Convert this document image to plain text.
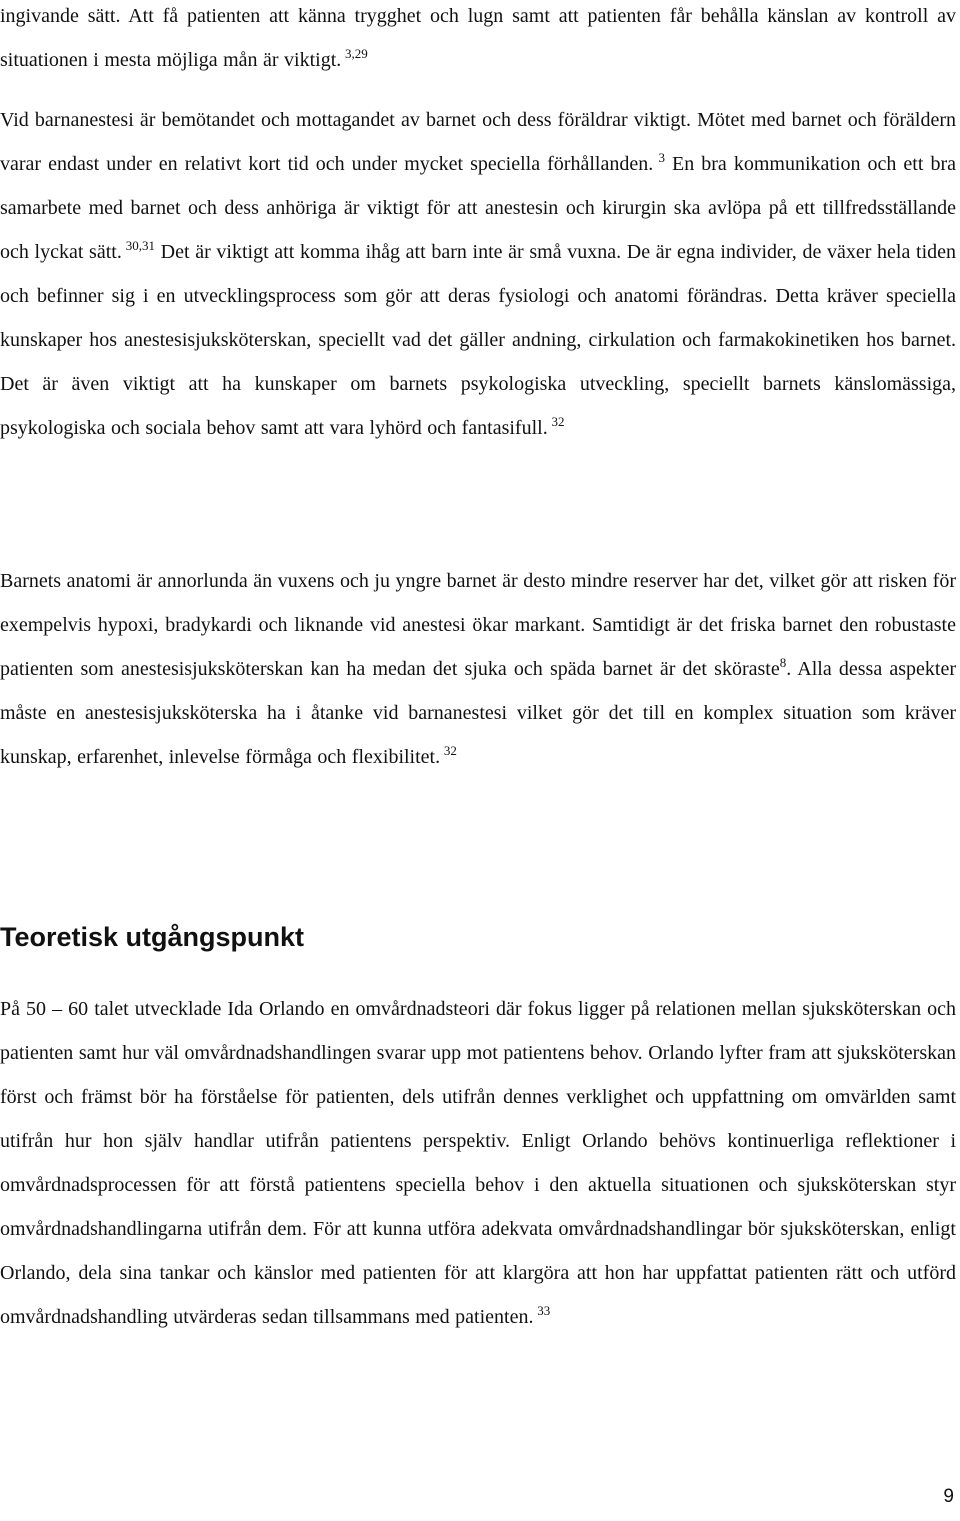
ingivande sätt. Att få patienten att känna trygghet och lugn samt att patienten får behålla känslan av kontroll av situationen i mesta möjliga mån är viktigt. $^{3,29}$

Vid barnanestesi är bemötandet och mottagandet av barnet och dess föräldrar viktigt. Mötet med barnet och föräldern varar endast under en relativt kort tid och under mycket speciella förhållanden. $^3$ En bra kommunikation och ett bra samarbete med barnet och dess anhöriga är viktigt för att anestesin och kirurgin ska avlöpa på ett tillfredsställande och lyckat sätt. $^{30,31}$ Det är viktigt att komma ihåg att barn inte är små vuxna. De är egna individer, de växer hela tiden och befinner sig i en utvecklingsprocess som gör att deras fysiologi och anatomi förändras. Detta kräver speciella kunskaper hos anestesisjuksköterskan, speciellt vad det gäller andning, cirkulation och farmakokinetiken hos barnet. Det är även viktigt att ha kunskaper om barnets psykologiska utveckling, speciellt barnets känslomässiga, psykologiska och sociala behov samt att vara lyhörd och fantasifull. $^{32}$

Barnets anatomi är annorlunda än vuxens och ju yngre barnet är desto mindre reserver har det, vilket gör att risken för exempelvis hypoxi, bradykardi och liknande vid anestesi ökar markant. Samtidigt är det friska barnet den robustaste patienten som anestesisjuksköterskan kan ha medan det sjuka och späda barnet är det sköraste$^8$. Alla dessa aspekter måste en anestesisjuksköterska ha i åtanke vid barnanestesi vilket gör det till en komplex situation som kräver kunskap, erfarenhet, inlevelse förmåga och flexibilitet. $^{32}$

Teoretisk utgångspunkt

På 50 – 60 talet utvecklade Ida Orlando en omvårdnadsteori där fokus ligger på relationen mellan sjuksköterskan och patienten samt hur väl omvårdnadshandlingen svarar upp mot patientens behov. Orlando lyfter fram att sjuksköterskan först och främst bör ha förståelse för patienten, dels utifrån dennes verklighet och uppfattning om omvärlden samt utifrån hur hon själv handlar utifrån patientens perspektiv. Enligt Orlando behövs kontinuerliga reflektioner i omvårdnadsprocessen för att förstå patientens speciella behov i den aktuella situationen och sjuksköterskan styr omvårdnadshandlingarna utifrån dem. För att kunna utföra adekvata omvårdnadshandlingar bör sjuksköterskan, enligt Orlando, dela sina tankar och känslor med patienten för att klargöra att hon har uppfattat patienten rätt och utförd omvårdnadshandling utvärderas sedan tillsammans med patienten. $^{33}$

9
